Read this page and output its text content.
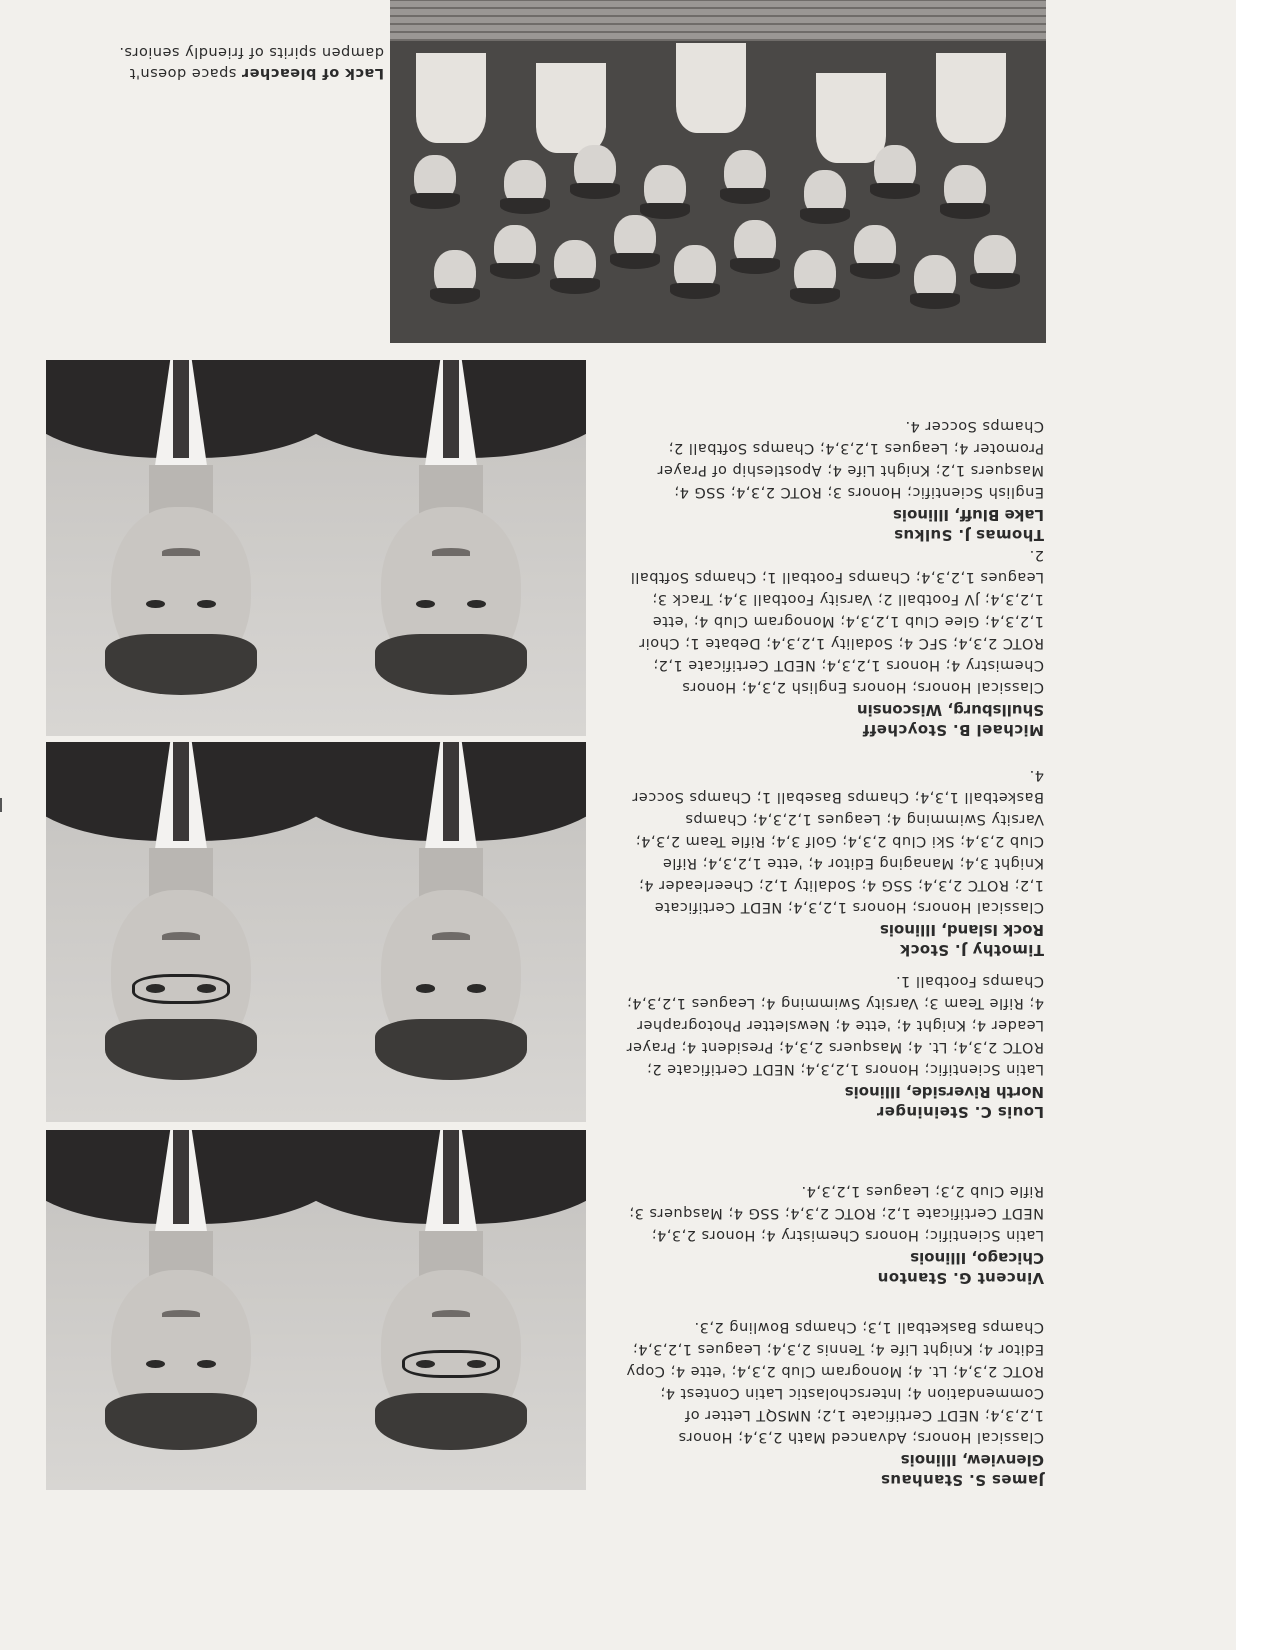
James S. Stanhaus
Glenview, Illinois
Classical Honors; Advanced Math 2,3,4; Honors 1,2,3,4; NEDT Certificate 1,2; NMSQT Letter of Commendation 4; Interscholastic Latin Contest 4; ROTC 2,3,4; Lt. 4; Monogram Club 2,3,4; 'ette 4; Copy Editor 4; Knight Life 4; Tennis 2,3,4; Leagues 1,2,3,4; Champs Basketball 1,3; Champs Bowling 2,3.
Vincent G. Stanton
Chicago, Illinois
Latin Scientific; Honors Chemistry 4; Honors 2,3,4; NEDT Certificate 1,2; ROTC 2,3,4; SSG 4; Masquers 3; Rifle Club 2,3; Leagues 1,2,3,4.
Louis C. Steininger
North Riverside, Illinois
Latin Scientific; Honors 1,2,3,4; NEDT Certificate 2; ROTC 2,3,4; Lt. 4; Masquers 2,3,4; President 4; Prayer Leader 4; Knight 4; 'ette 4; Newsletter Photographer 4; Rifle Team 3; Varsity Swimming 4; Leagues 1,2,3,4; Champs Football 1.
Timothy J. Stock
Rock Island, Illinois
Classical Honors; Honors 1,2,3,4; NEDT Certificate 1,2; ROTC 2,3,4; SSG 4; Sodality 1,2; Cheerleader 4; Knight 3,4; Managing Editor 4; 'ette 1,2,3,4; Rifle Club 2,3,4; Ski Club 2,3,4; Golf 3,4; Rifle Team 2,3,4; Varsity Swimming 4; Leagues 1,2,3,4; Champs Basketball 1,3,4; Champs Baseball 1; Champs Soccer 4.
Michael B. Stoycheff
Shullsburg, Wisconsin
Classical Honors; Honors English 2,3,4; Honors Chemistry 4; Honors 1,2,3,4; NEDT Certificate 1,2; ROTC 2,3,4; SFC 4; Sodality 1,2,3,4; Debate 1; Choir 1,2,3,4; Glee Club 1,2,3,4; Monogram Club 4; 'ette 1,2,3,4; JV Football 2; Varsity Football 3,4; Track 3; Leagues 1,2,3,4; Champs Football 1; Champs Softball 2.
Thomas J. Sulkus
Lake Bluff, Illinois
English Scientific; Honors 3; ROTC 2,3,4; SSG 4; Masquers 1,2; Knight Life 4; Apostleship of Prayer Promoter 4; Leagues 1,2,3,4; Champs Softball 2; Champs Soccer 4.
Lack of bleacher space doesn't dampen spirits of friendly seniors.
